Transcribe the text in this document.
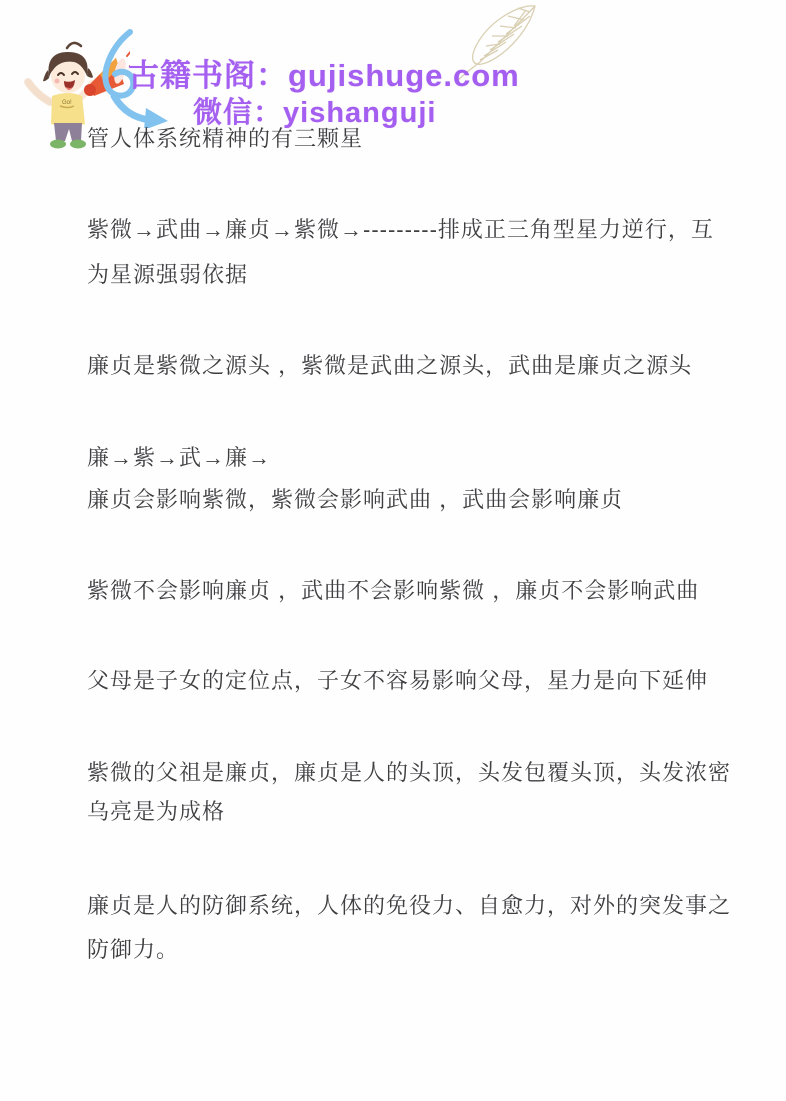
Go!
古籍书阁：gujishuge.com
微信：yishanguji
管人体系统精神的有三颗星
紫微→武曲→廉贞→紫微→---------排成正三角型星力逆行，互
为星源强弱依据
廉贞是紫微之源头 ，紫微是武曲之源头，武曲是廉贞之源头
廉→紫→武→廉→
廉贞会影响紫微，紫微会影响武曲 ，武曲会影响廉贞
紫微不会影响廉贞 ，武曲不会影响紫微 ，廉贞不会影响武曲
父母是子女的定位点，子女不容易影响父母，星力是向下延伸
紫微的父祖是廉贞，廉贞是人的头顶，头发包覆头顶，头发浓密
乌亮是为成格
廉贞是人的防御系统，人体的免役力、自愈力，对外的突发事之
防御力。
